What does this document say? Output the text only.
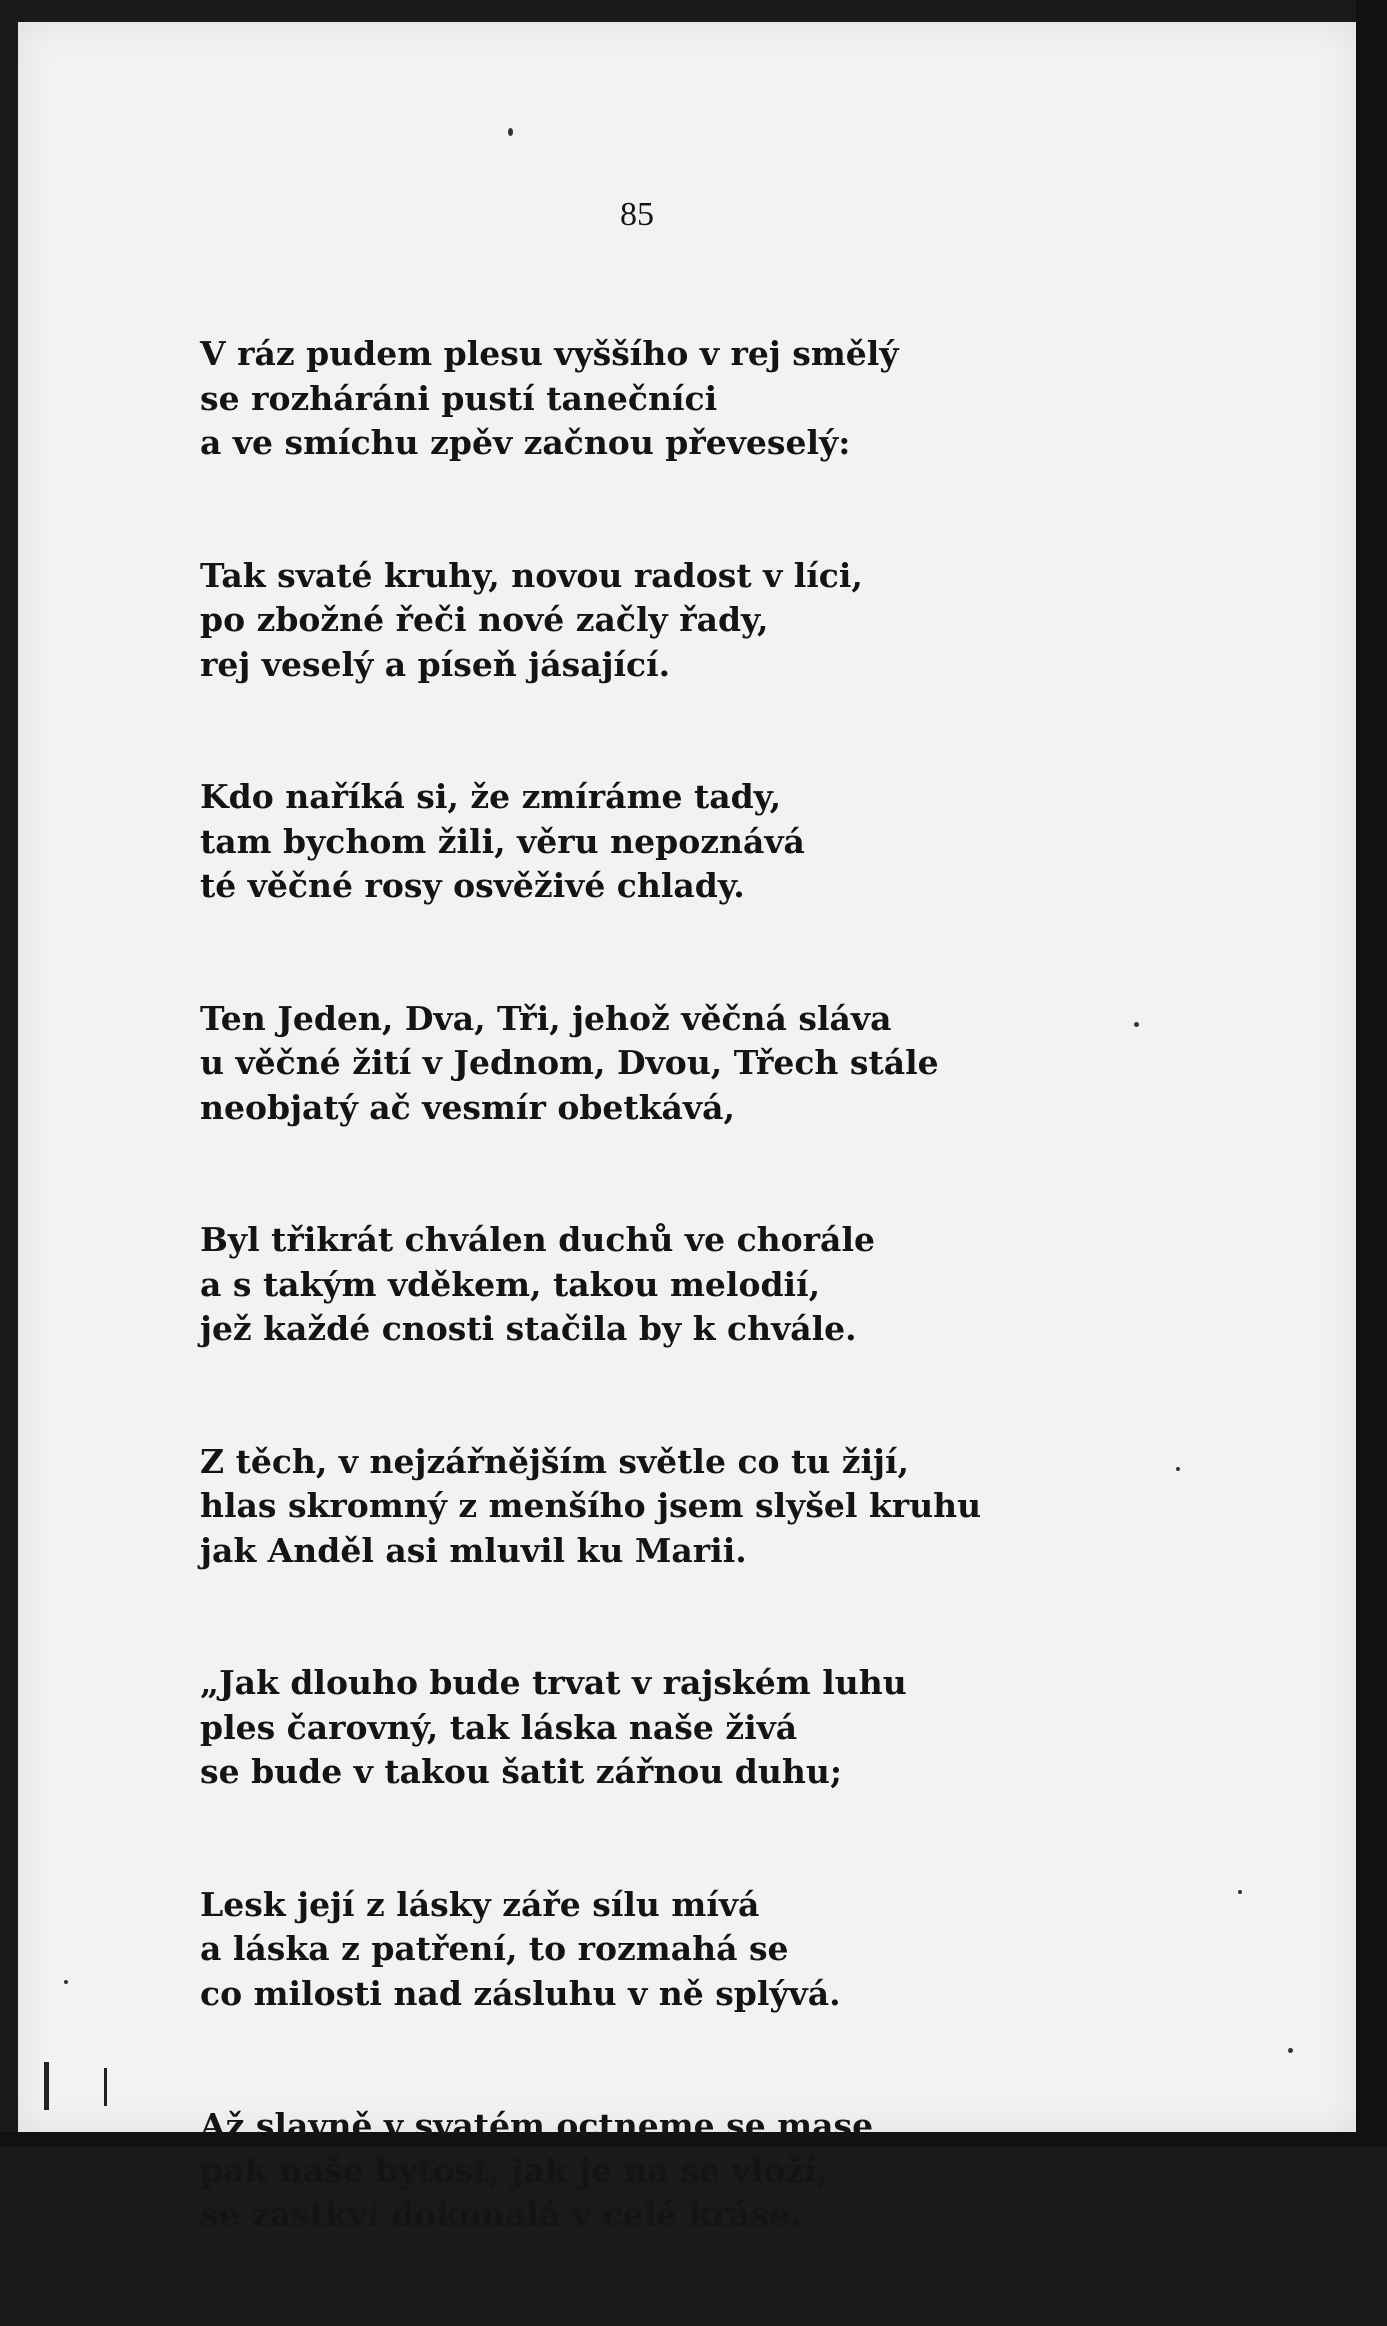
85
V ráz pudem plesu vyššího v rej smělý
se rozháráni pustí tanečníci
a ve smíchu zpěv začnou převeselý:
Tak svaté kruhy, novou radost v líci,
po zbožné řeči nové začly řady,
rej veselý a píseň jásající.
Kdo naříká si, že zmíráme tady,
tam bychom žili, věru nepoznává
té věčné rosy osvěživé chlady.
Ten Jeden, Dva, Tři, jehož věčná sláva
u věčné žití v Jednom, Dvou, Třech stále
neobjatý ač vesmír obetkává,
Byl třikrát chválen duchů ve chorále
a s takým vděkem, takou melodií,
jež každé cnosti stačila by k chvále.
Z těch, v nejzářnějším světle co tu žijí,
hlas skromný z menšího jsem slyšel kruhu
jak Anděl asi mluvil ku Marii.
„Jak dlouho bude trvat v rajském luhu
ples čarovný, tak láska naše živá
se bude v takou šatit zářnou duhu;
Lesk její z lásky záře sílu mívá
a láska z patření, to rozmahá se
co milosti nad zásluhu v ně splývá.
Až slavně v svatém octneme se mase,
pak naše bytost, jak je na se vloží,
se zastkví dokonalá v celé kráse.
